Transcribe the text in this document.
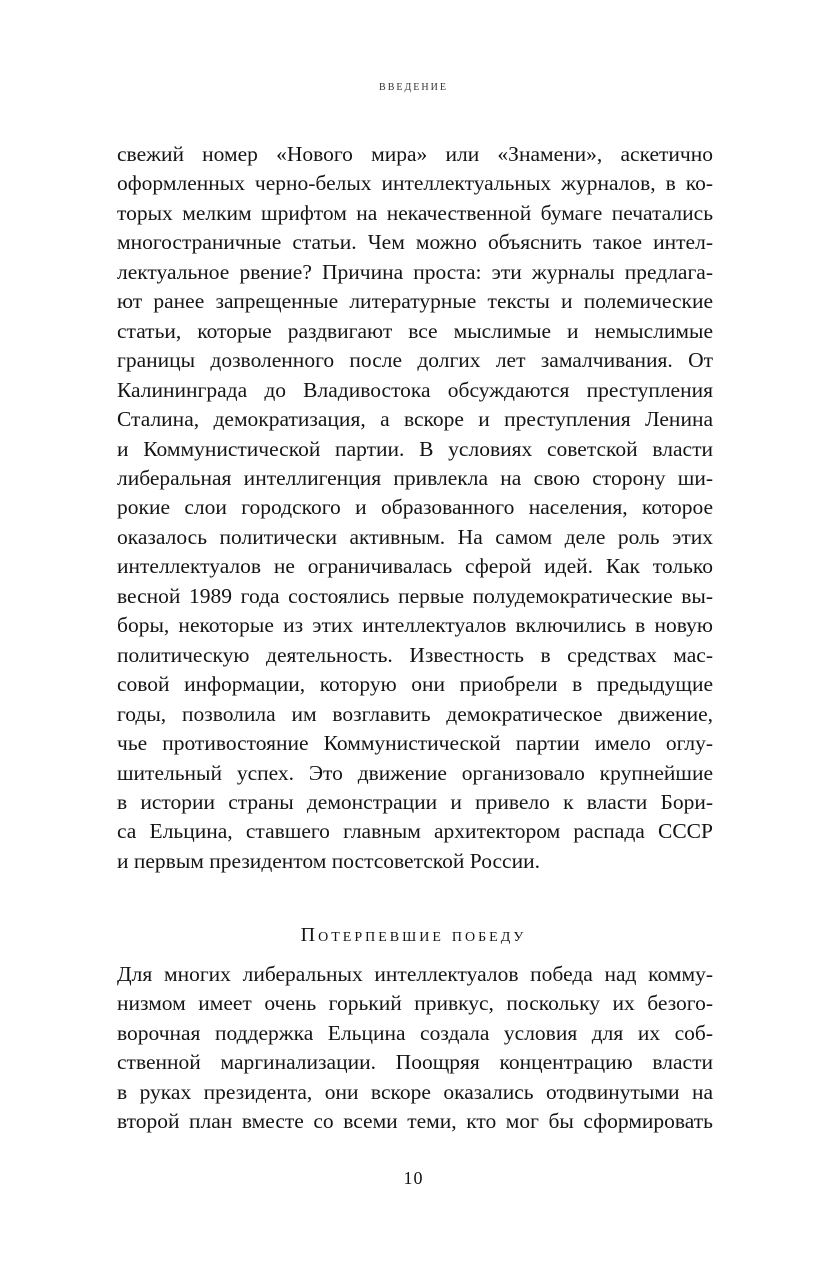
ВВЕДЕНИЕ
свежий номер «Нового мира» или «Знамени», аскетично
оформленных черно-белых интеллектуальных журналов, в ко-
торых мелким шрифтом на некачественной бумаге печатались
многостраничные статьи. Чем можно объяснить такое интел-
лектуальное рвение? Причина проста: эти журналы предлага-
ют ранее запрещенные литературные тексты и полемические
статьи, которые раздвигают все мыслимые и немыслимые
границы дозволенного после долгих лет замалчивания. От
Калининграда до Владивостока обсуждаются преступления
Сталина, демократизация, а вскоре и преступления Ленина
и Коммунистической партии. В условиях советской власти
либеральная интеллигенция привлекла на свою сторону ши-
рокие слои городского и образованного населения, которое
оказалось политически активным. На самом деле роль этих
интеллектуалов не ограничивалась сферой идей. Как только
весной 1989 года состоялись первые полудемократические вы-
боры, некоторые из этих интеллектуалов включились в новую
политическую деятельность. Известность в средствах мас-
совой информации, которую они приобрели в предыдущие
годы, позволила им возглавить демократическое движение,
чье противостояние Коммунистической партии имело оглу-
шительный успех. Это движение организовало крупнейшие
в истории страны демонстрации и привело к власти Бори-
са Ельцина, ставшего главным архитектором распада СССР
и первым президентом постсоветской России.
Потерпевшие победу
Для многих либеральных интеллектуалов победа над комму-
низмом имеет очень горький привкус, поскольку их безого-
ворочная поддержка Ельцина создала условия для их соб-
ственной маргинализации. Поощряя концентрацию власти
в руках президента, они вскоре оказались отодвинутыми на
второй план вместе со всеми теми, кто мог бы сформировать
10
